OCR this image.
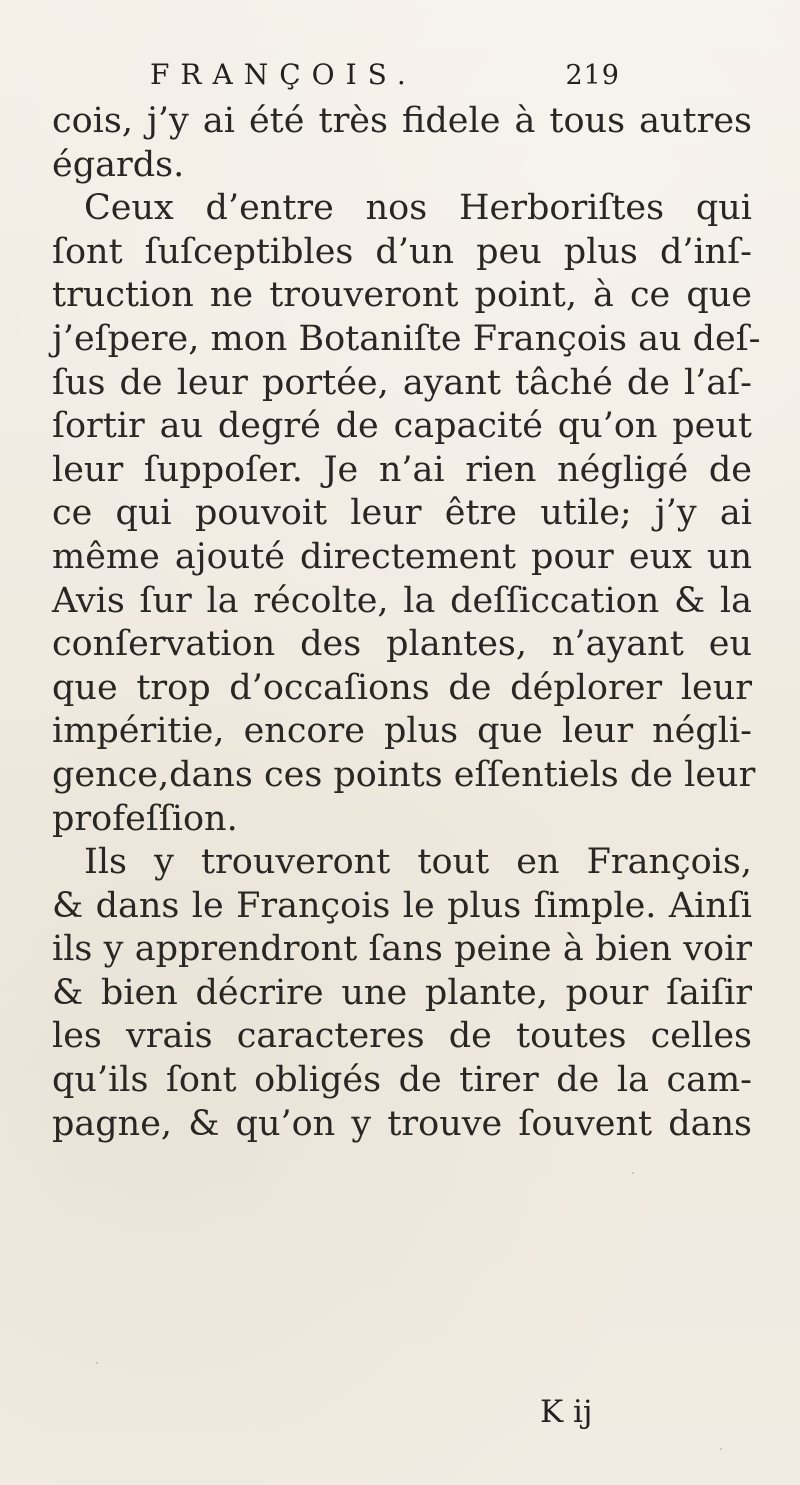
FRANÇOIS.	219
cois, j’y ai été très fidele à tous autres
égards.
Ceux d’entre nos Herboriſtes qui
ſont ſuſceptibles d’un peu plus d’inſ-
truction ne trouveront point, à ce que
j’eſpere, mon Botaniſte François au deſ-
ſus de leur portée, ayant tâché de l’aſ-
ſortir au degré de capacité qu’on peut
leur ſuppoſer. Je n’ai rien négligé de
ce qui pouvoit leur être utile; j’y ai
même ajouté directement pour eux un
Avis ſur la récolte, la deſſiccation & la
conſervation des plantes, n’ayant eu
que trop d’occaſions de déplorer leur
impéritie, encore plus que leur négli-
gence,dans ces points eſſentiels de leur
profeſſion.
Ils y trouveront tout en François,
& dans le François le plus ſimple. Ainſi
ils y apprendront ſans peine à bien voir
& bien décrire une plante, pour ſaiſir
les vrais caracteres de toutes celles
qu’ils ſont obligés de tirer de la cam-
pagne, & qu’on y trouve ſouvent dans
K ij
